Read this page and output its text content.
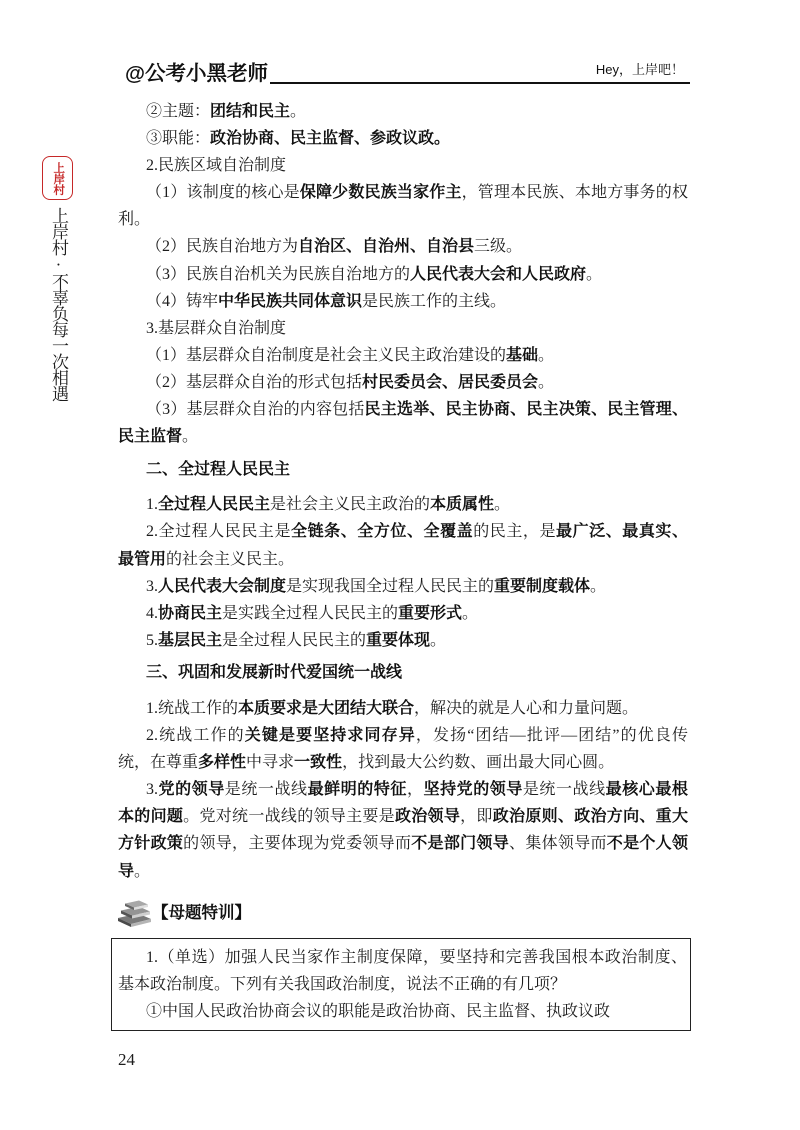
@公考小黑老师	Hey，上岸吧！
上岸村
上岸村·不辜负每一次相遇
②主题：团结和民主。
③职能：政治协商、民主监督、参政议政。
2.民族区域自治制度
（1）该制度的核心是保障少数民族当家作主，管理本民族、本地方事务的权
利。
（2）民族自治地方为自治区、自治州、自治县三级。
（3）民族自治机关为民族自治地方的人民代表大会和人民政府。
（4）铸牢中华民族共同体意识是民族工作的主线。
3.基层群众自治制度
（1）基层群众自治制度是社会主义民主政治建设的基础。
（2）基层群众自治的形式包括村民委员会、居民委员会。
（3）基层群众自治的内容包括民主选举、民主协商、民主决策、民主管理、
民主监督。
二、全过程人民民主
1.全过程人民民主是社会主义民主政治的本质属性。
2.全过程人民民主是全链条、全方位、全覆盖的民主，是最广泛、最真实、
最管用的社会主义民主。
3.人民代表大会制度是实现我国全过程人民民主的重要制度载体。
4.协商民主是实践全过程人民民主的重要形式。
5.基层民主是全过程人民民主的重要体现。
三、巩固和发展新时代爱国统一战线
1.统战工作的本质要求是大团结大联合，解决的就是人心和力量问题。
2.统战工作的关键是要坚持求同存异，发扬“团结—批评—团结”的优良传
统，在尊重多样性中寻求一致性，找到最大公约数、画出最大同心圆。
3.党的领导是统一战线最鲜明的特征，坚持党的领导是统一战线最核心最根
本的问题。党对统一战线的领导主要是政治领导，即政治原则、政治方向、重大
方针政策的领导，主要体现为党委领导而不是部门领导、集体领导而不是个人领
导。
【母题特训】
1.（单选）加强人民当家作主制度保障，要坚持和完善我国根本政治制度、
基本政治制度。下列有关我国政治制度，说法不正确的有几项？
①中国人民政治协商会议的职能是政治协商、民主监督、执政议政
24
